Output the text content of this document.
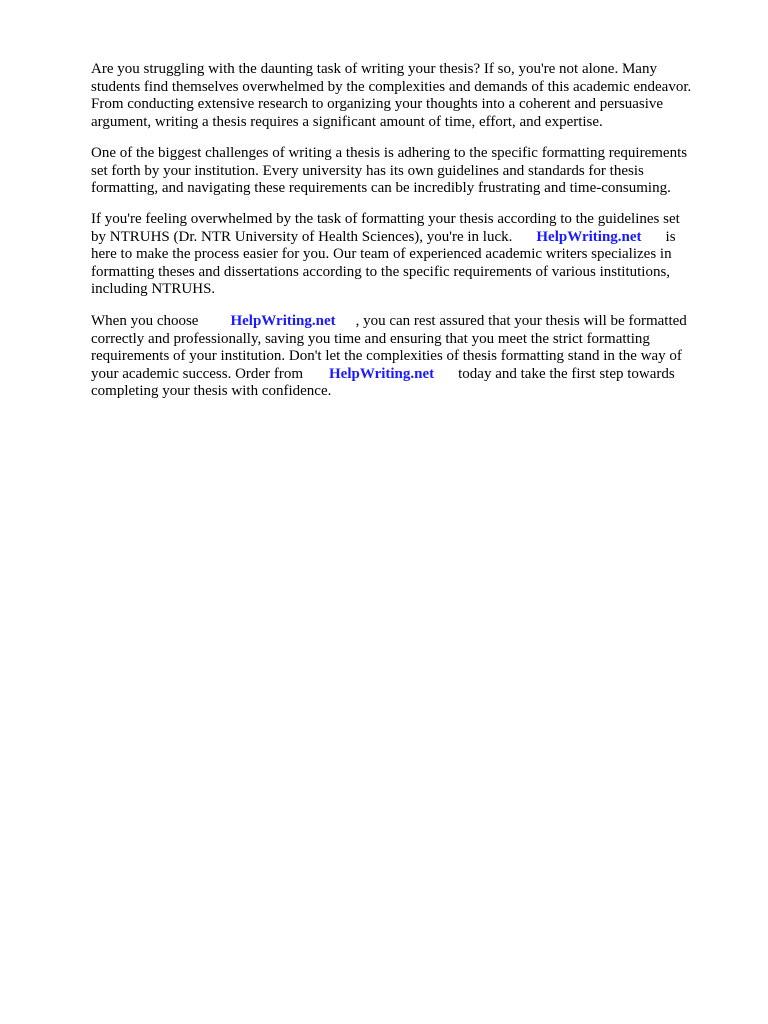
Are you struggling with the daunting task of writing your thesis? If so, you're not alone. Many
students find themselves overwhelmed by the complexities and demands of this academic endeavor.
From conducting extensive research to organizing your thoughts into a coherent and persuasive
argument, writing a thesis requires a significant amount of time, effort, and expertise.

One of the biggest challenges of writing a thesis is adhering to the specific formatting requirements
set forth by your institution. Every university has its own guidelines and standards for thesis
formatting, and navigating these requirements can be incredibly frustrating and time-consuming.

If you're feeling overwhelmed by the task of formatting your thesis according to the guidelines set
by NTRUHS (Dr. NTR University of Health Sciences), you're in luck. HelpWriting.net is
here to make the process easier for you. Our team of experienced academic writers specializes in
formatting theses and dissertations according to the specific requirements of various institutions,
including NTRUHS.

When you choose HelpWriting.net , you can rest assured that your thesis will be formatted
correctly and professionally, saving you time and ensuring that you meet the strict formatting
requirements of your institution. Don't let the complexities of thesis formatting stand in the way of
your academic success. Order from HelpWriting.net today and take the first step towards
completing your thesis with confidence.
